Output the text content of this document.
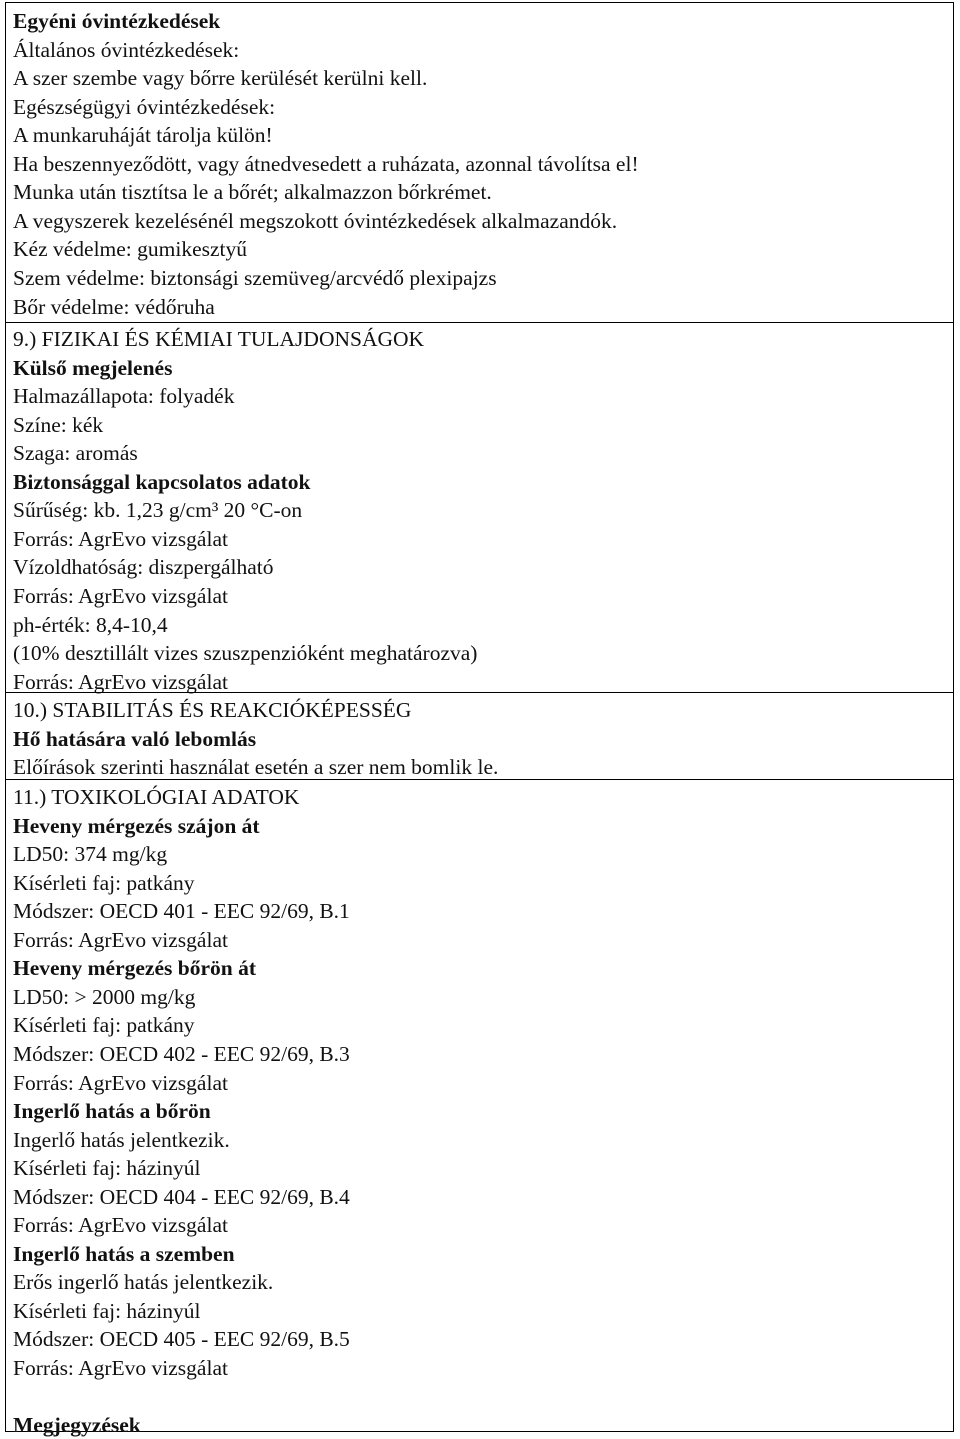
Egyéni óvintézkedések
Általános óvintézkedések:
A szer szembe vagy bőrre kerülését kerülni kell.
Egészségügyi óvintézkedések:
A munkaruháját tárolja külön!
Ha beszennyeződött, vagy átnedvesedett a ruházata, azonnal távolítsa el!
Munka után tisztítsa le a bőrét; alkalmazzon bőrkrémet.
A vegyszerek kezelésénél megszokott óvintézkedések alkalmazandók.
Kéz védelme: gumikesztyű
Szem védelme: biztonsági szemüveg/arcvédő plexipajzs
Bőr védelme: védőruha
9.) FIZIKAI ÉS KÉMIAI TULAJDONSÁGOK
Külső megjelenés
Halmazállapota: folyadék
Színe: kék
Szaga: aromás
Biztonsággal kapcsolatos adatok
Sűrűség: kb. 1,23 g/cm³ 20 °C-on
Forrás: AgrEvo vizsgálat
Vízoldhatóság: diszpergálható
Forrás: AgrEvo vizsgálat
ph-érték: 8,4-10,4
(10% desztillált vizes szuszpenzióként meghatározva)
Forrás: AgrEvo vizsgálat
10.) STABILITÁS ÉS REAKCIÓKÉPESSÉG
Hő hatására való lebomlás
Előírások szerinti használat esetén a szer nem bomlik le.
11.) TOXIKOLÓGIAI ADATOK
Heveny mérgezés szájon át
LD50: 374 mg/kg
Kísérleti faj: patkány
Módszer: OECD 401 - EEC 92/69, B.1
Forrás: AgrEvo vizsgálat
Heveny mérgezés bőrön át
LD50: > 2000 mg/kg
Kísérleti faj: patkány
Módszer: OECD 402 - EEC 92/69, B.3
Forrás: AgrEvo vizsgálat
Ingerlő hatás a bőrön
Ingerlő hatás jelentkezik.
Kísérleti faj: házinyúl
Módszer: OECD 404 - EEC 92/69, B.4
Forrás: AgrEvo vizsgálat
Ingerlő hatás a szemben
Erős ingerlő hatás jelentkezik.
Kísérleti faj: házinyúl
Módszer: OECD 405 - EEC 92/69, B.5
Forrás: AgrEvo vizsgálat
Megjegyzések
